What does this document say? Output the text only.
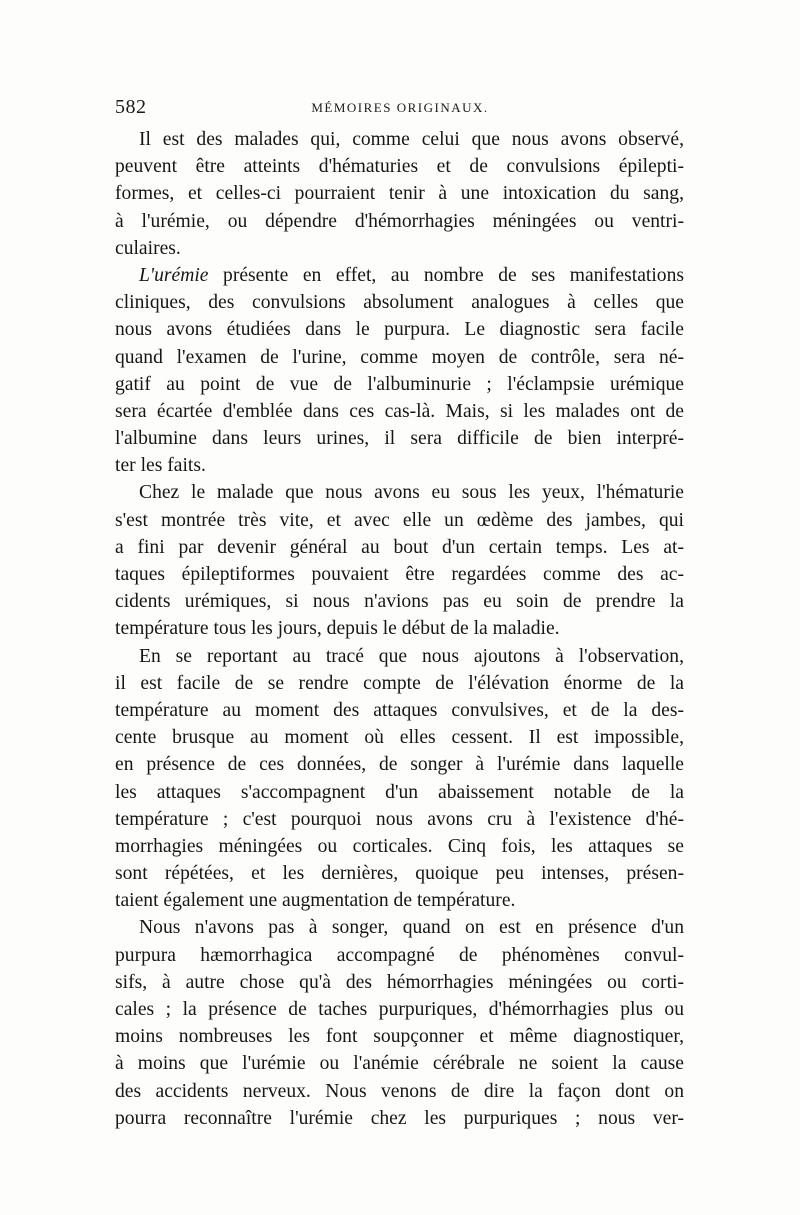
582	MÉMOIRES ORIGINAUX.
Il est des malades qui, comme celui que nous avons observé,
peuvent être atteints d'hématuries et de convulsions épilepti-
formes, et celles-ci pourraient tenir à une intoxication du sang,
à l'urémie, ou dépendre d'hémorrhagies méningées ou ventri-
culaires.
L'urémie présente en effet, au nombre de ses manifestations
cliniques, des convulsions absolument analogues à celles que
nous avons étudiées dans le purpura. Le diagnostic sera facile
quand l'examen de l'urine, comme moyen de contrôle, sera né-
gatif au point de vue de l'albuminurie ; l'éclampsie urémique
sera écartée d'emblée dans ces cas-là. Mais, si les malades ont de
l'albumine dans leurs urines, il sera difficile de bien interpré-
ter les faits.
Chez le malade que nous avons eu sous les yeux, l'hématurie
s'est montrée très vite, et avec elle un œdème des jambes, qui
a fini par devenir général au bout d'un certain temps. Les at-
taques épileptiformes pouvaient être regardées comme des ac-
cidents urémiques, si nous n'avions pas eu soin de prendre la
température tous les jours, depuis le début de la maladie.
En se reportant au tracé que nous ajoutons à l'observation,
il est facile de se rendre compte de l'élévation énorme de la
température au moment des attaques convulsives, et de la des-
cente brusque au moment où elles cessent. Il est impossible,
en présence de ces données, de songer à l'urémie dans laquelle
les attaques s'accompagnent d'un abaissement notable de la
température ; c'est pourquoi nous avons cru à l'existence d'hé-
morrhagies méningées ou corticales. Cinq fois, les attaques se
sont répétées, et les dernières, quoique peu intenses, présen-
taient également une augmentation de température.
Nous n'avons pas à songer, quand on est en présence d'un
purpura hæmorrhagica accompagné de phénomènes convul-
sifs, à autre chose qu'à des hémorrhagies méningées ou corti-
cales ; la présence de taches purpuriques, d'hémorrhagies plus ou
moins nombreuses les font soupçonner et même diagnostiquer,
à moins que l'urémie ou l'anémie cérébrale ne soient la cause
des accidents nerveux. Nous venons de dire la façon dont on
pourra reconnaître l'urémie chez les purpuriques ; nous ver-
